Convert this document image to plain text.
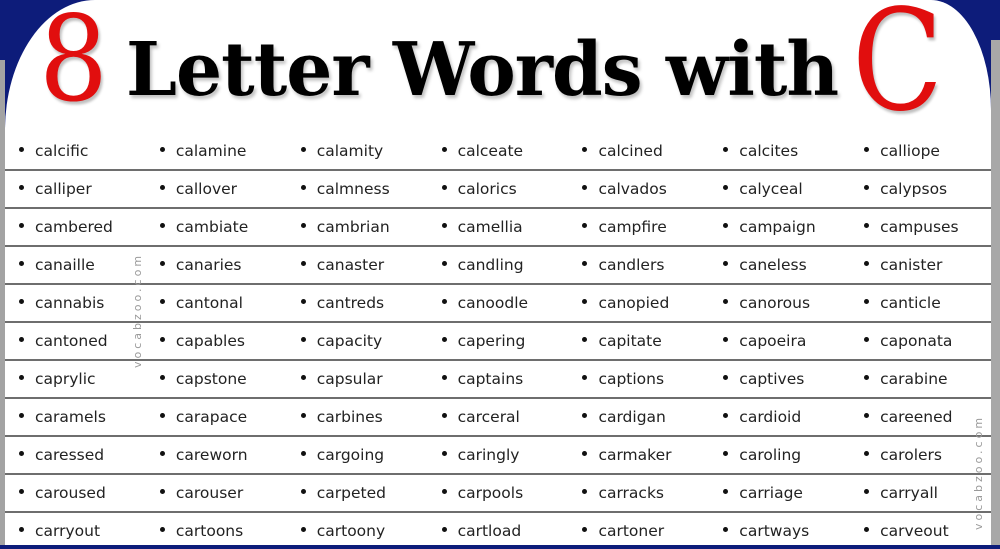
8 Letter Words with C
calcific	calamine	calamity	calceate	calcined	calcites	calliope
calliper	callover	calmness	calorics	calvados	calyceal	calypsos
cambered	cambiate	cambrian	camellia	campfire	campaign	campuses
canaille	canaries	canaster	candling	candlers	caneless	canister
cannabis	cantonal	cantreds	canoodle	canopied	canorous	canticle
cantoned	capables	capacity	capering	capitate	capoeira	caponata
caprylic	capstone	capsular	captains	captions	captives	carabine
caramels	carapace	carbines	carceral	cardigan	cardioid	careened
caressed	careworn	cargoing	caringly	carmaker	caroling	carolers
caroused	carouser	carpeted	carpools	carracks	carriage	carryall
carryout	cartoons	cartoony	cartload	cartoner	cartways	carveout
vocabzoo.com
vocabzoo.com
